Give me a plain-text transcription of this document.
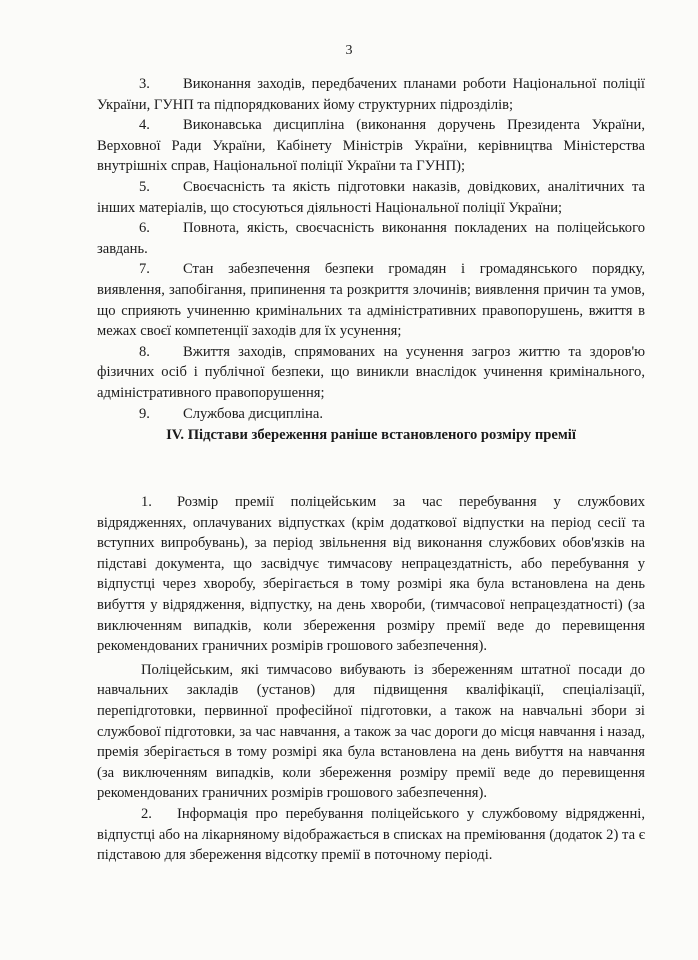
3

3. Виконання заходів, передбачених планами роботи Національної поліції України, ГУНП та підпорядкованих йому структурних підрозділів;

4. Виконавська дисципліна (виконання доручень Президента України, Верховної Ради України, Кабінету Міністрів України, керівництва Міністерства внутрішніх справ, Національної поліції України та ГУНП);

5. Своєчасність та якість підготовки наказів, довідкових, аналітичних та інших матеріалів, що стосуються діяльності Національної поліції України;

6. Повнота, якість, своєчасність виконання покладених на поліцейського завдань.

7. Стан забезпечення безпеки громадян і громадянського порядку, виявлення, запобігання, припинення та розкриття злочинів; виявлення причин та умов, що сприяють учиненню кримінальних та адміністративних правопорушень, вжиття в межах своєї компетенції заходів для їх усунення;

8. Вжиття заходів, спрямованих на усунення загроз життю та здоров'ю фізичних осіб і публічної безпеки, що виникли внаслідок учинення кримінального, адміністративного правопорушення;

9. Службова дисципліна.

IV. Підстави збереження раніше встановленого розміру премії

1. Розмір премії поліцейським за час перебування у службових відрядженнях, оплачуваних відпустках (крім додаткової відпустки на період сесії та вступних випробувань), за період звільнення від виконання службових обов'язків на підставі документа, що засвідчує тимчасову непрацездатність, або перебування у відпустці через хворобу, зберігається в тому розмірі яка була встановлена на день вибуття у відрядження, відпустку, на день хвороби, (тимчасової непрацездатності) (за виключенням випадків, коли збереження розміру премії веде до перевищення рекомендованих граничних розмірів грошового забезпечення).

Поліцейським, які тимчасово вибувають із збереженням штатної посади до навчальних закладів (установ) для підвищення кваліфікації, спеціалізації, перепідготовки, первинної професійної підготовки, а також на навчальні збори зі службової підготовки, за час навчання, а також за час дороги до місця навчання і назад, премія зберігається в тому розмірі яка була встановлена на день вибуття на навчання (за виключенням випадків, коли збереження розміру премії веде до перевищення рекомендованих граничних розмірів грошового забезпечення).

2. Інформація про перебування поліцейського у службовому відрядженні, відпустці або на лікарняному відображається в списках на преміювання (додаток 2) та є підставою для збереження відсотку премії в поточному періоді.
